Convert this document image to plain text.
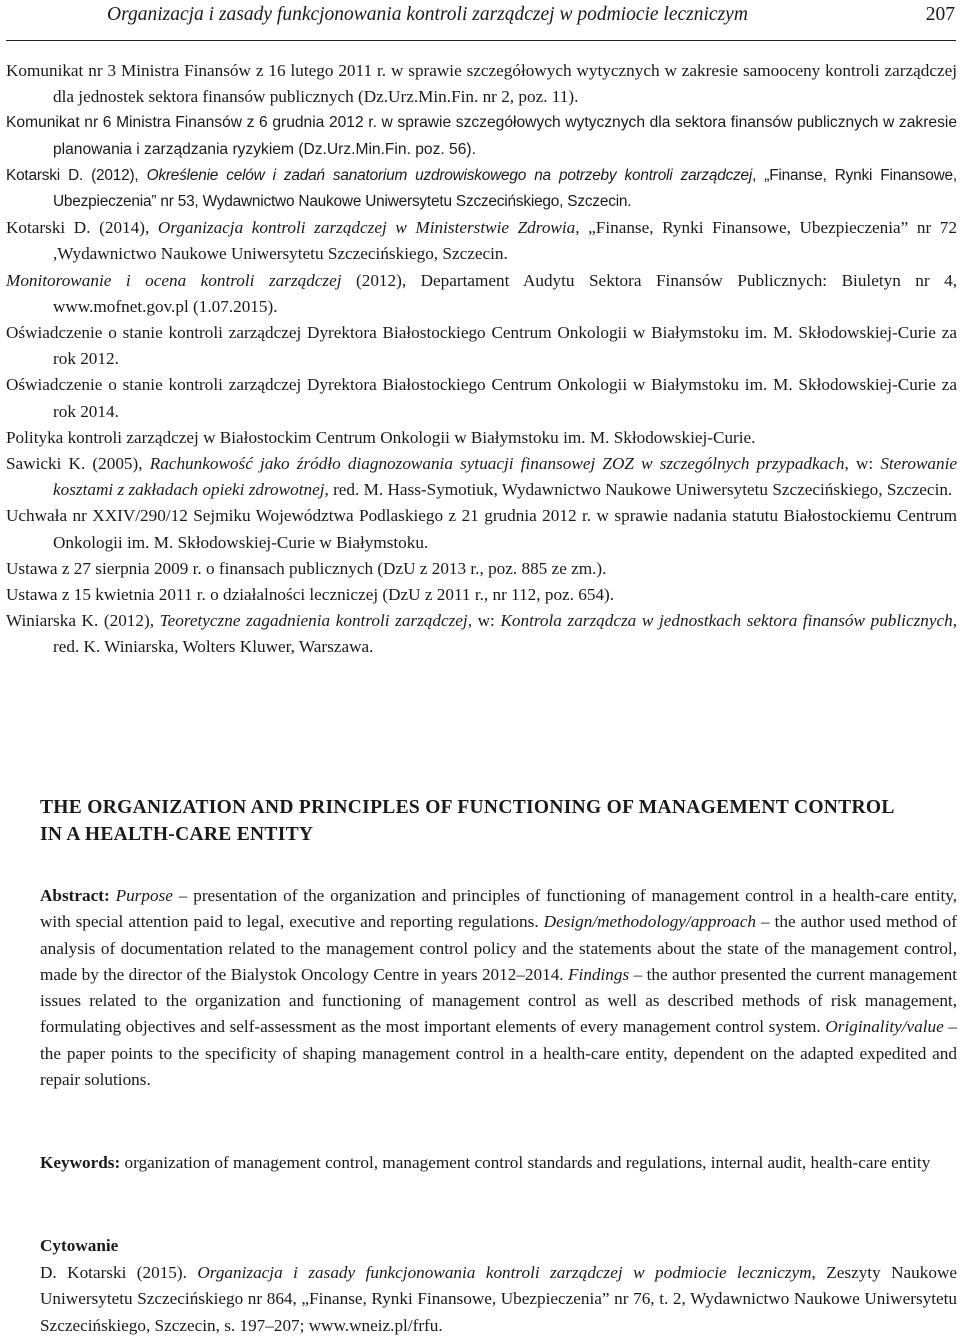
Organizacja i zasady funkcjonowania kontroli zarządczej w podmiocie leczniczym	207

Komunikat nr 3 Ministra Finansów z 16 lutego 2011 r. w sprawie szczegółowych wytycznych w zakresie samooceny kontroli zarządczej dla jednostek sektora finansów publicznych (Dz.Urz.Min.Fin. nr 2, poz. 11).

Komunikat nr 6 Ministra Finansów z 6 grudnia 2012 r. w sprawie szczegółowych wytycznych dla sektora finansów publicznych w zakresie planowania i zarządzania ryzykiem (Dz.Urz.Min.Fin. poz. 56).

Kotarski D. (2012), Określenie celów i zadań sanatorium uzdrowiskowego na potrzeby kontroli zarządczej, „Finanse, Rynki Finansowe, Ubezpieczenia” nr 53, Wydawnictwo Naukowe Uniwersytetu Szczecińskiego, Szczecin.

Kotarski D. (2014), Organizacja kontroli zarządczej w Ministerstwie Zdrowia, „Finanse, Rynki Finansowe, Ubezpieczenia” nr 72 ,Wydawnictwo Naukowe Uniwersytetu Szczecińskiego, Szczecin.

Monitorowanie i ocena kontroli zarządczej (2012), Departament Audytu Sektora Finansów Publicznych: Biuletyn nr 4, www.mofnet.gov.pl (1.07.2015).

Oświadczenie o stanie kontroli zarządczej Dyrektora Białostockiego Centrum Onkologii w Białymstoku im. M. Skłodowskiej-Curie za rok 2012.

Oświadczenie o stanie kontroli zarządczej Dyrektora Białostockiego Centrum Onkologii w Białymstoku im. M. Skłodowskiej-Curie za rok 2014.

Polityka kontroli zarządczej w Białostockim Centrum Onkologii w Białymstoku im. M. Skłodowskiej-Curie.

Sawicki K. (2005), Rachunkowość jako źródło diagnozowania sytuacji finansowej ZOZ w szczególnych przypadkach, w: Sterowanie kosztami z zakładach opieki zdrowotnej, red. M. Hass-Symotiuk, Wydawnictwo Naukowe Uniwersytetu Szczecińskiego, Szczecin.

Uchwała nr XXIV/290/12 Sejmiku Województwa Podlaskiego z 21 grudnia 2012 r. w sprawie nadania statutu Białostockiemu Centrum Onkologii im. M. Skłodowskiej-Curie w Białymstoku.

Ustawa z 27 sierpnia 2009 r. o finansach publicznych (DzU z 2013 r., poz. 885 ze zm.).

Ustawa z 15 kwietnia 2011 r. o działalności leczniczej (DzU z 2011 r., nr 112, poz. 654).

Winiarska K. (2012), Teoretyczne zagadnienia kontroli zarządczej, w: Kontrola zarządcza w jednostkach sektora finansów publicznych, red. K. Winiarska, Wolters Kluwer, Warszawa.

THE ORGANIZATION AND PRINCIPLES OF FUNCTIONING OF MANAGEMENT CONTROL
IN A HEALTH-CARE ENTITY

Abstract: Purpose – presentation of the organization and principles of functioning of management control in a health-care entity, with special attention paid to legal, executive and reporting regulations. Design/methodology/approach – the author used method of analysis of documentation related to the management control policy and the statements about the state of the management control, made by the director of the Bialystok Oncology Centre in years 2012–2014. Findings – the author presented the current management issues related to the organization and functioning of management control as well as described methods of risk management, formulating objectives and self-assessment as the most important elements of every management control system. Originality/value – the paper points to the specificity of shaping management control in a health-care entity, dependent on the adapted expedited and repair solutions.

Keywords: organization of management control, management control standards and regulations, internal audit, health-care entity

Cytowanie

D. Kotarski (2015). Organizacja i zasady funkcjonowania kontroli zarządczej w podmiocie leczniczym, Zeszyty Naukowe Uniwersytetu Szczecińskiego nr 864, „Finanse, Rynki Finansowe, Ubezpieczenia” nr 76, t. 2, Wydawnictwo Naukowe Uniwersytetu Szczecińskiego, Szczecin, s. 197–207; www.wneiz.pl/frfu.
